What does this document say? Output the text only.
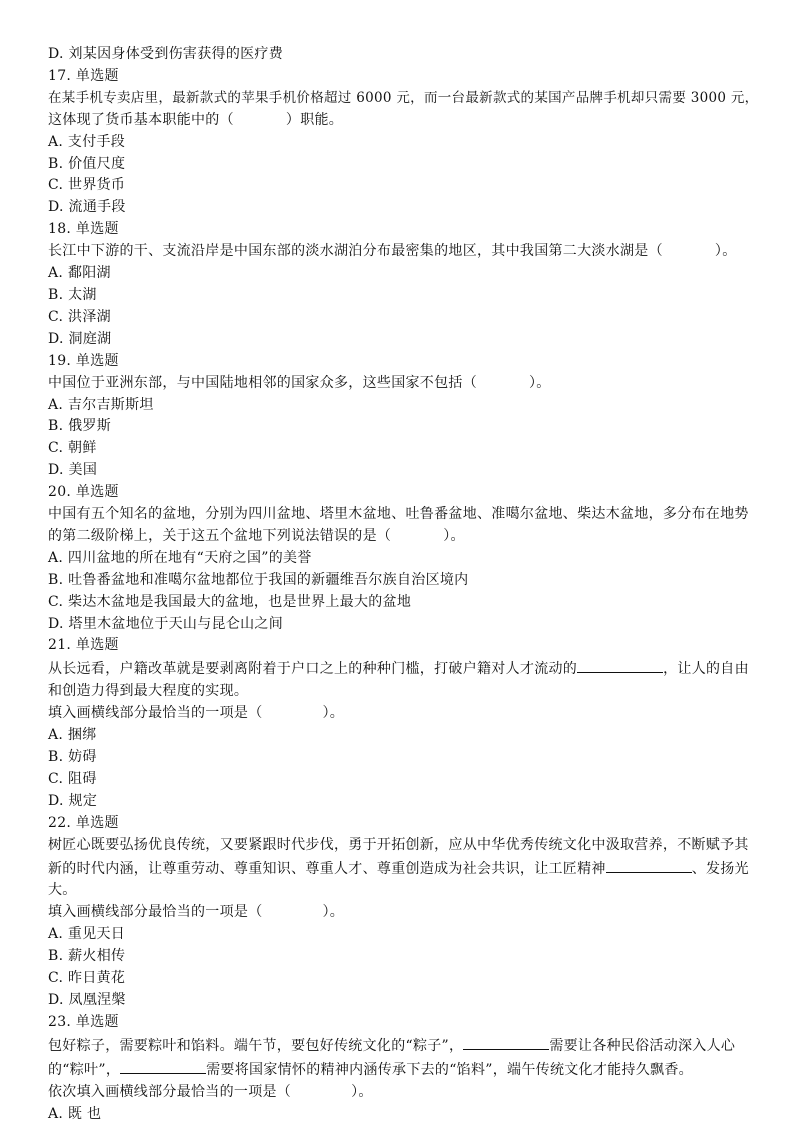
D. 刘某因身体受到伤害获得的医疗费
17. 单选题
在某手机专卖店里，最新款式的苹果手机价格超过 6000 元，而一台最新款式的某国产品牌手机却只需要 3000 元，
这体现了货币基本职能中的（	）职能。
A. 支付手段
B. 价值尺度
C. 世界货币
D. 流通手段
18. 单选题
长江中下游的干、支流沿岸是中国东部的淡水湖泊分布最密集的地区，其中我国第二大淡水湖是（	）。
A. 鄱阳湖
B. 太湖
C. 洪泽湖
D. 洞庭湖
19. 单选题
中国位于亚洲东部，与中国陆地相邻的国家众多，这些国家不包括（	）。
A. 吉尔吉斯斯坦
B. 俄罗斯
C. 朝鲜
D. 美国
20. 单选题
中国有五个知名的盆地，分别为四川盆地、塔里木盆地、吐鲁番盆地、准噶尔盆地、柴达木盆地，多分布在地势
的第二级阶梯上，关于这五个盆地下列说法错误的是（	）。
A. 四川盆地的所在地有“天府之国”的美誉
B. 吐鲁番盆地和准噶尔盆地都位于我国的新疆维吾尔族自治区境内
C. 柴达木盆地是我国最大的盆地，也是世界上最大的盆地
D. 塔里木盆地位于天山与昆仑山之间
21. 单选题
从长远看，户籍改革就是要剥离附着于户口之上的种种门槛，打破户籍对人才流动的	，让人的自由
和创造力得到最大程度的实现。
填入画横线部分最恰当的一项是（	）。
A. 捆绑
B. 妨碍
C. 阻碍
D. 规定
22. 单选题
树匠心既要弘扬优良传统，又要紧跟时代步伐，勇于开拓创新，应从中华优秀传统文化中汲取营养，不断赋予其
新的时代内涵，让尊重劳动、尊重知识、尊重人才、尊重创造成为社会共识，让工匠精神	、发扬光
大。
填入画横线部分最恰当的一项是（	）。
A. 重见天日
B. 薪火相传
C. 昨日黄花
D. 凤凰涅槃
23. 单选题
包好粽子，需要粽叶和馅料。端午节，要包好传统文化的“粽子”，	需要让各种民俗活动深入人心
的“粽叶”，	需要将国家情怀的精神内涵传承下去的“馅料”，端午传统文化才能持久飘香。
依次填入画横线部分最恰当的一项是（	）。
A. 既 也
